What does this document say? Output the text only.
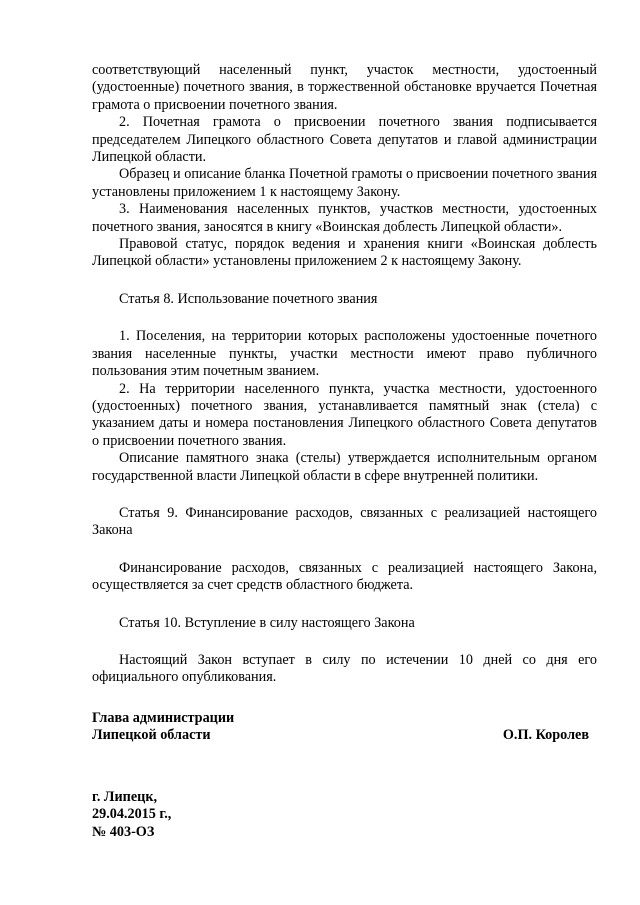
соответствующий населенный пункт, участок местности, удостоенный (удостоенные) почетного звания, в торжественной обстановке вручается Почетная грамота о присвоении почетного звания.

2. Почетная грамота о присвоении почетного звания подписывается председателем Липецкого областного Совета депутатов и главой администрации Липецкой области.

Образец и описание бланка Почетной грамоты о присвоении почетного звания установлены приложением 1 к настоящему Закону.

3. Наименования населенных пунктов, участков местности, удостоенных почетного звания, заносятся в книгу «Воинская доблесть Липецкой области».

Правовой статус, порядок ведения и хранения книги «Воинская доблесть Липецкой области» установлены приложением 2 к настоящему Закону.

Статья 8. Использование почетного звания

1. Поселения, на территории которых расположены удостоенные почетного звания населенные пункты, участки местности имеют право публичного пользования этим почетным званием.

2. На территории населенного пункта, участка местности, удостоенного (удостоенных) почетного звания, устанавливается памятный знак (стела) с указанием даты и номера постановления Липецкого областного Совета депутатов о присвоении почетного звания.

Описание памятного знака (стелы) утверждается исполнительным органом государственной власти Липецкой области в сфере внутренней политики.

Статья 9. Финансирование расходов, связанных с реализацией настоящего Закона

Финансирование расходов, связанных с реализацией настоящего Закона, осуществляется за счет средств областного бюджета.

Статья 10. Вступление в силу настоящего Закона

Настоящий Закон вступает в силу по истечении 10 дней со дня его официального опубликования.

Глава администрации
Липецкой области	О.П. Королев
г. Липецк,
29.04.2015 г.,
№ 403-ОЗ
